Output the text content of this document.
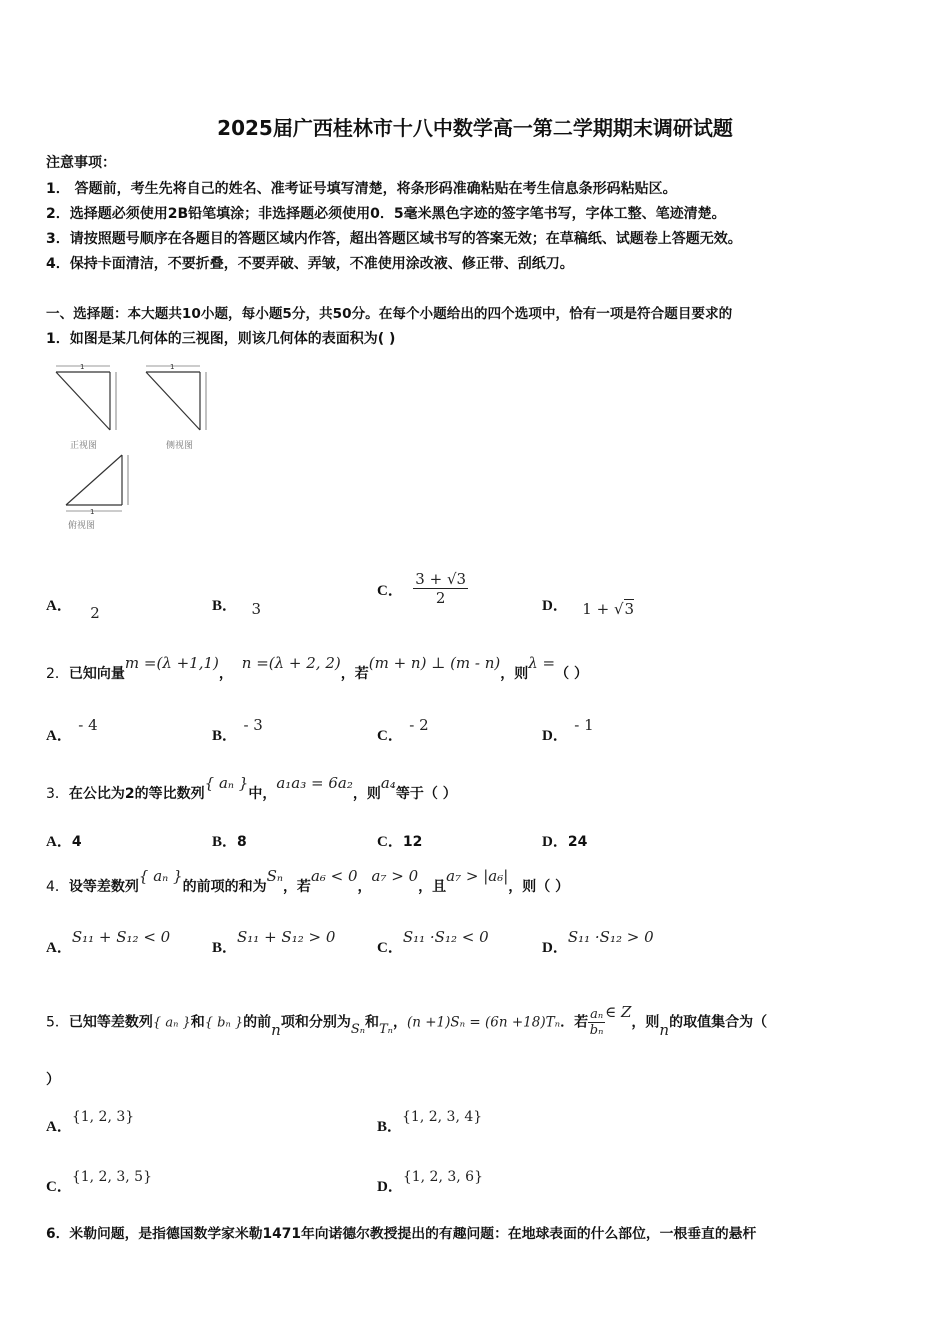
2025届广西桂林市十八中数学高一第二学期期末调研试题
注意事项：
1． 答题前，考生先将自己的姓名、准考证号填写清楚，将条形码准确粘贴在考生信息条形码粘贴区。
2．选择题必须使用2B铅笔填涂；非选择题必须使用0．5毫米黑色字迹的签字笔书写，字体工整、笔迹清楚。
3．请按照题号顺序在各题目的答题区域内作答，超出答题区域书写的答案无效；在草稿纸、试题卷上答题无效。
4．保持卡面清洁，不要折叠，不要弄破、弄皱，不准使用涂改液、修正带、刮纸刀。
一、选择题：本大题共10小题，每小题5分，共50分。在每个小题给出的四个选项中，恰有一项是符合题目要求的
1．如图是某几何体的三视图，则该几何体的表面积为( )
1
正视图
1
侧视图
1
俯视图
A． 2	B． 3
C． $\frac{3 + √3}{2}$	D． 1 + √3
2．已知向量m =(λ +1,1)，  n =(λ + 2, 2)，若(m + n) ⊥ (m - n)，则λ =（ ）
A． - 4
B． - 3
C． - 2
D． - 1
3．在公比为2的等比数列{ aₙ }中，a₁a₃ = 6a₂，则a₄等于（ ）
A．4	B．8	C．12	D．24
4．设等差数列{ aₙ }的前项的和为Sₙ，若a₆ < 0，a₇ > 0，且a₇ > |a₆|，则（ ）
A．S₁₁ + S₁₂ < 0
B．S₁₁ + S₁₂ > 0
C．S₁₁ ·S₁₂ < 0
D．S₁₁ ·S₁₂ > 0
5．已知等差数列{ aₙ }和{ bₙ }的前n项和分别为Sₙ和Tₙ，(n +1)Sₙ = (6n +18)Tₙ．若 $\frac{\text{aₙ}}{\text{bₙ}}$ ∈ Z，则n的取值集合为（
）
A．{1, 2, 3}
B．{1, 2, 3, 4}
C．{1, 2, 3, 5}
D．{1, 2, 3, 6}
6．米勒问题，是指德国数学家米勒1471年向诺德尔教授提出的有趣问题：在地球表面的什么部位，一根垂直的悬杆
